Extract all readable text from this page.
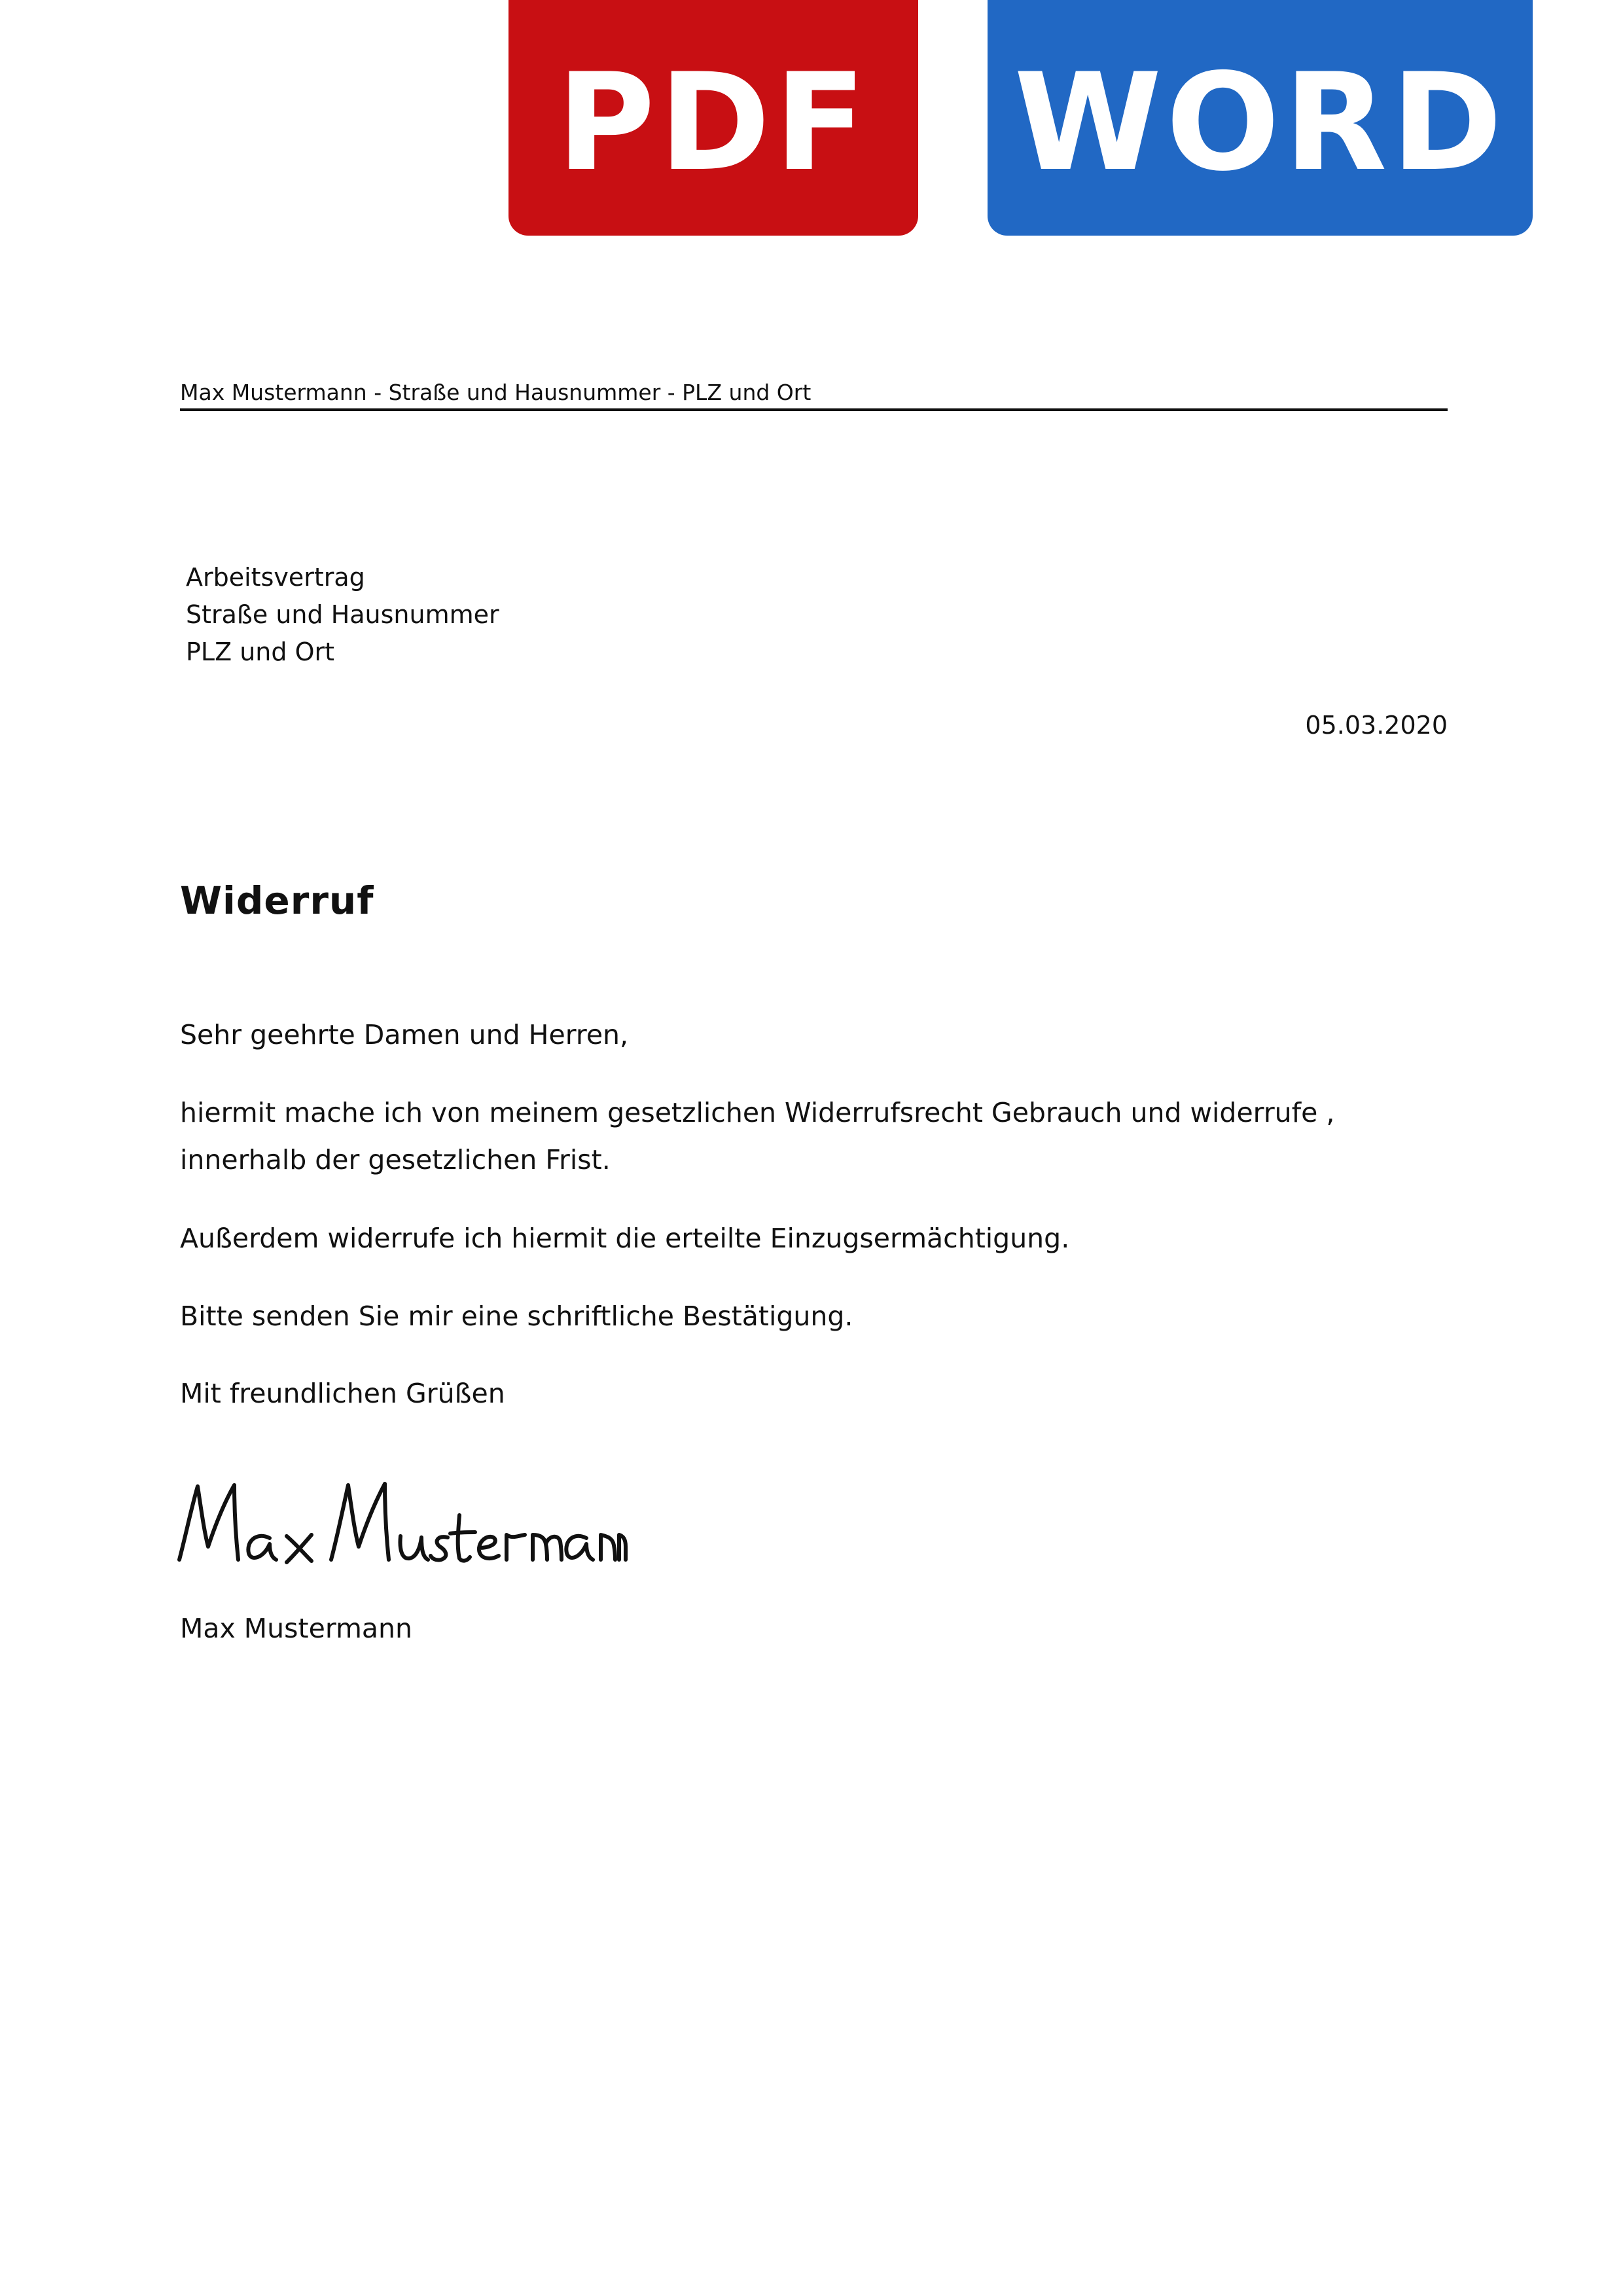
PDF WORD
Max Mustermann - Straße und Hausnummer - PLZ und Ort
Arbeitsvertrag
Straße und Hausnummer
PLZ und Ort
05.03.2020
Widerruf
Sehr geehrte Damen und Herren,
hiermit mache ich von meinem gesetzlichen Widerrufsrecht Gebrauch und widerrufe , innerhalb der gesetzlichen Frist.
Außerdem widerrufe ich hiermit die erteilte Einzugsermächtigung.
Bitte senden Sie mir eine schriftliche Bestätigung.
Mit freundlichen Grüßen
Max Mustermann
